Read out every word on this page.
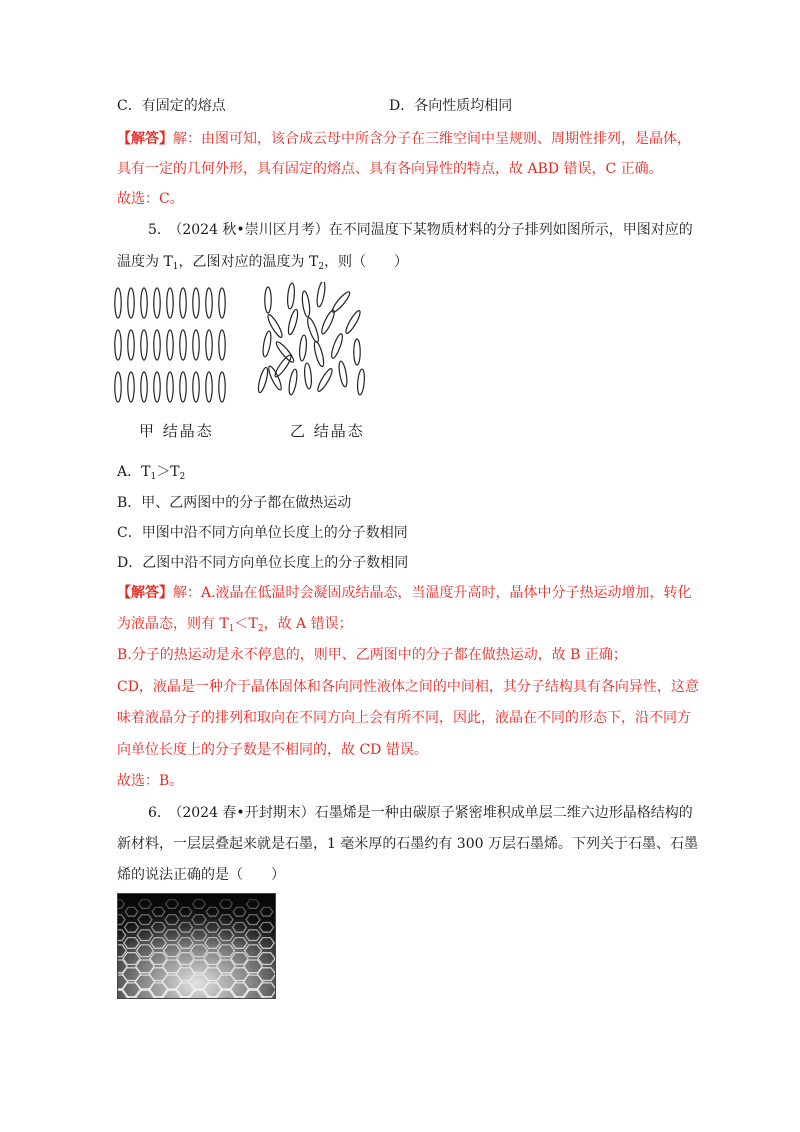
C．有固定的熔点	D．各向性质均相同
【解答】解：由图可知，该合成云母中所含分子在三维空间中呈规则、周期性排列，是晶体，
具有一定的几何外形，具有固定的熔点、具有各向异性的特点，故 ABD 错误，C 正确。
故选：C。
5.　（2024 秋•崇川区月考）在不同温度下某物质材料的分子排列如图所示，甲图对应的
温度为 $T_1$，乙图对应的温度为 $T_2$，则（　　）
甲 结晶态	乙 结晶态
A．$T_1>T_2$
B．甲、乙两图中的分子都在做热运动
C．甲图中沿不同方向单位长度上的分子数相同
D．乙图中沿不同方向单位长度上的分子数相同
【解答】解：A.液晶在低温时会凝固成结晶态，当温度升高时，晶体中分子热运动增加，转化
为液晶态，则有 $T_1<T_2$，故 A 错误；
B.分子的热运动是永不停息的，则甲、乙两图中的分子都在做热运动，故 B 正确；
CD，液晶是一种介于晶体固体和各向同性液体之间的中间相，其分子结构具有各向异性，这意
味着液晶分子的排列和取向在不同方向上会有所不同，因此，液晶在不同的形态下，沿不同方
向单位长度上的分子数是不相同的，故 CD 错误。
故选：B。
6.　（2024 春•开封期末）石墨烯是一种由碳原子紧密堆积成单层二维六边形晶格结构的
新材料，一层层叠起来就是石墨，1 毫米厚的石墨约有 300 万层石墨烯。下列关于石墨、石墨
烯的说法正确的是（　　）
